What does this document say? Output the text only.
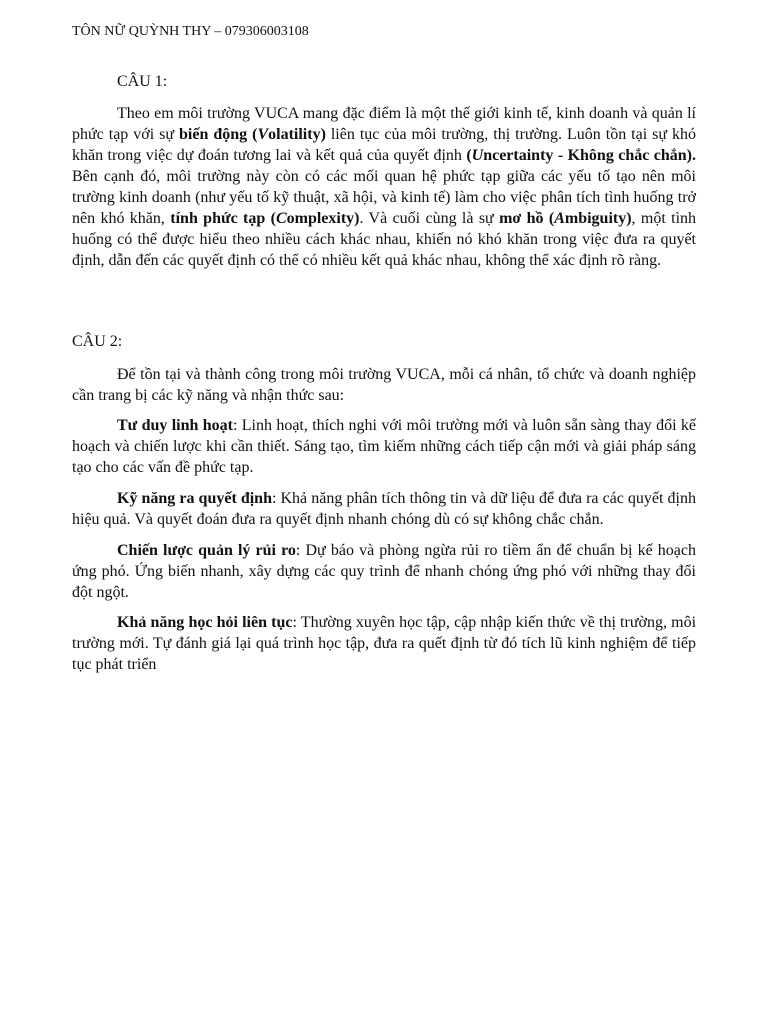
TÔN NỮ QUỲNH THY – 079306003108
CÂU 1:

Theo em môi trường VUCA mang đặc điểm là một thế giới kinh tế, kinh doanh và quản lí phức tạp với sự biến động (Volatility) liên tục của môi trường, thị trường. Luôn tồn tại sự khó khăn trong việc dự đoán tương lai và kết quả của quyết định (Uncertainty - Không chắc chắn). Bên cạnh đó, môi trường này còn có các mối quan hệ phức tạp giữa các yếu tố tạo nên môi trường kinh doanh (như yếu tố kỹ thuật, xã hội, và kinh tế) làm cho việc phân tích tình huống trở nên khó khăn, tính phức tạp (Complexity). Và cuối cùng là sự mơ hồ (Ambiguity), một tình huống có thể được hiểu theo nhiều cách khác nhau, khiến nó khó khăn trong việc đưa ra quyết định, dẫn đến các quyết định có thể có nhiều kết quả khác nhau, không thể xác định rõ ràng.

CÂU 2:

Để tồn tại và thành công trong môi trường VUCA, mỗi cá nhân, tổ chức và doanh nghiệp cần trang bị các kỹ năng và nhận thức sau:

Tư duy linh hoạt: Linh hoạt, thích nghi với môi trường mới và luôn sẵn sàng thay đổi kế hoạch và chiến lược khi cần thiết. Sáng tạo, tìm kiếm những cách tiếp cận mới và giải pháp sáng tạo cho các vấn đề phức tạp.

Kỹ năng ra quyết định: Khả năng phân tích thông tin và dữ liệu để đưa ra các quyết định hiệu quả. Và quyết đoán đưa ra quyết định nhanh chóng dù có sự không chắc chắn.

Chiến lược quản lý rủi ro: Dự báo và phòng ngừa rủi ro tiềm ẩn để chuẩn bị kế hoạch ứng phó. Ứng biến nhanh, xây dựng các quy trình để nhanh chóng ứng phó với những thay đổi đột ngột.

Khả năng học hỏi liên tục: Thường xuyên học tập, cập nhập kiến thức về thị trường, môi trường mới. Tự đánh giá lại quá trình học tập, đưa ra quết định từ đó tích lũ kinh nghiệm để tiếp tục phát triển
